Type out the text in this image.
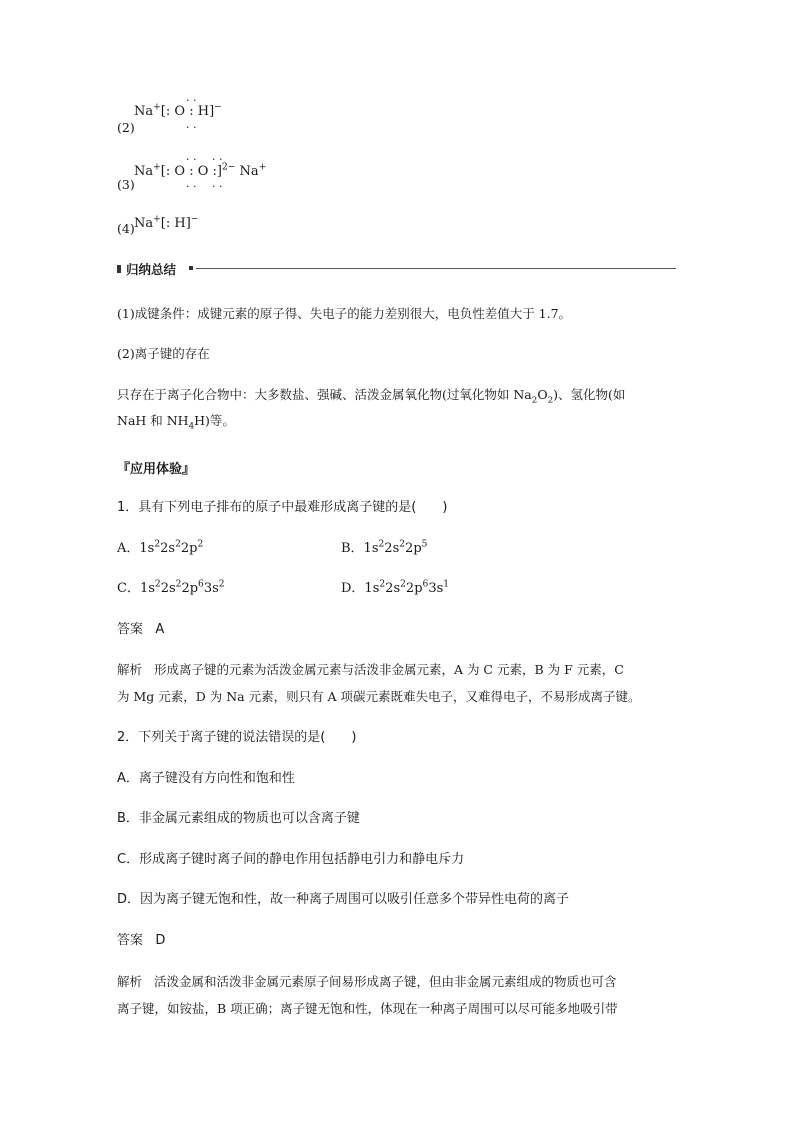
(2)
Na+[: O : H]−
· ·
· ·
(3)
Na+[: O : O :]$^{2-}$ Na+
· · · ·
· · · ·
(4) Na+[: H]−
归纳总结
(1)成键条件：成键元素的原子得、失电子的能力差别很大，电负性差值大于 1.7。
(2)离子键的存在
只存在于离子化合物中：大多数盐、强碱、活泼金属氧化物(过氧化物如 $Na_2O_2$)、氢化物(如
NaH 和 $NH_4H$)等。
『应用体验』
1．具有下列电子排布的原子中最难形成离子键的是(　　)
A．$1s^22s^22p^2$	B．$1s^22s^22p^5$
C．$1s^22s^22p^63s^2$	D．$1s^22s^22p^63s^1$
答案 A
解析 形成离子键的元素为活泼金属元素与活泼非金属元素，A 为 C 元素，B 为 F 元素，C
为 Mg 元素，D 为 Na 元素，则只有 A 项碳元素既难失电子，又难得电子，不易形成离子键。
2．下列关于离子键的说法错误的是(　　)
A．离子键没有方向性和饱和性
B．非金属元素组成的物质也可以含离子键
C．形成离子键时离子间的静电作用包括静电引力和静电斥力
D．因为离子键无饱和性，故一种离子周围可以吸引任意多个带异性电荷的离子
答案 D
解析 活泼金属和活泼非金属元素原子间易形成离子键，但由非金属元素组成的物质也可含
离子键，如铵盐，B 项正确；离子键无饱和性，体现在一种离子周围可以尽可能多地吸引带
